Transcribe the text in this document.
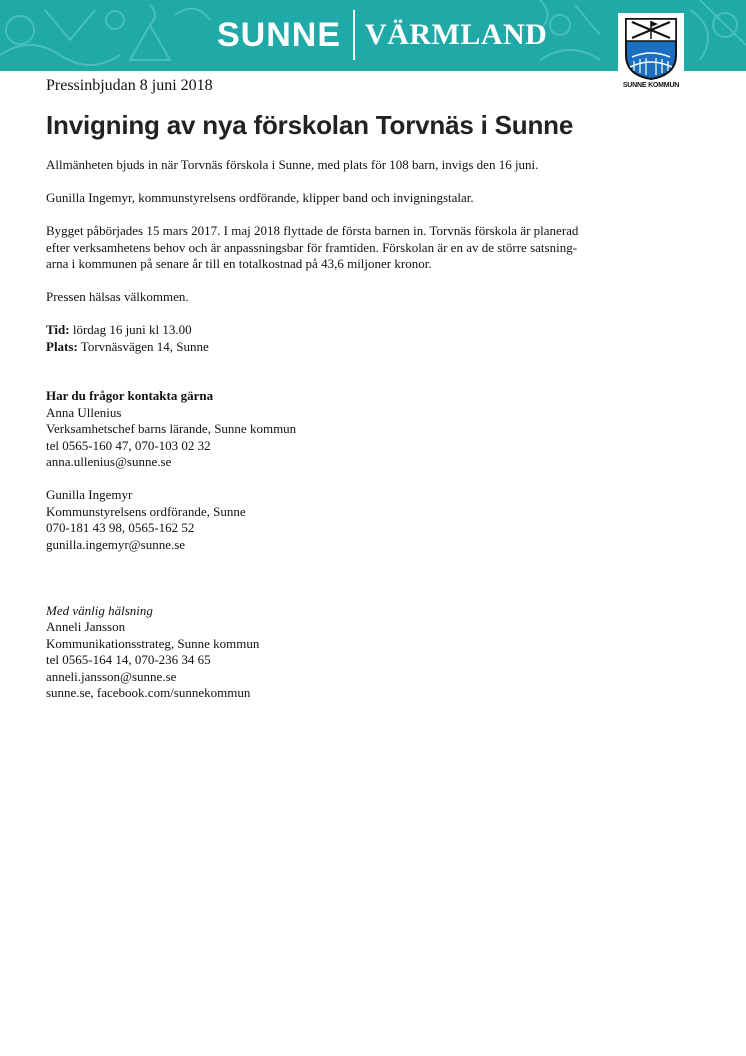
SUNNE VÄRMLAND
SUNNE KOMMUN
Pressinbjudan 8 juni 2018
Invigning av nya förskolan Torvnäs i Sunne

Allmänheten bjuds in när Torvnäs förskola i Sunne, med plats för 108 barn, invigs den 16 juni.

Gunilla Ingemyr, kommunstyrelsens ordförande, klipper band och invigningstalar.

Bygget påbörjades 15 mars 2017. I maj 2018 flyttade de första barnen in. Torvnäs förskola är planerad

efter verksamhetens behov och är anpassningsbar för framtiden. Förskolan är en av de större satsning-

arna i kommunen på senare år till en totalkostnad på 43,6 miljoner kronor.

Pressen hälsas välkommen.

Tid: lördag 16 juni kl 13.00

Plats: Torvnäsvägen 14, Sunne

Har du frågor kontakta gärna

Anna Ullenius

Verksamhetschef barns lärande, Sunne kommun

tel 0565-160 47, 070-103 02 32

anna.ullenius@sunne.se

Gunilla Ingemyr

Kommunstyrelsens ordförande, Sunne

070-181 43 98, 0565-162 52

gunilla.ingemyr@sunne.se

Med vänlig hälsning

Anneli Jansson

Kommunikationsstrateg, Sunne kommun

tel 0565-164 14, 070-236 34 65

anneli.jansson@sunne.se

sunne.se, facebook.com/sunnekommun
